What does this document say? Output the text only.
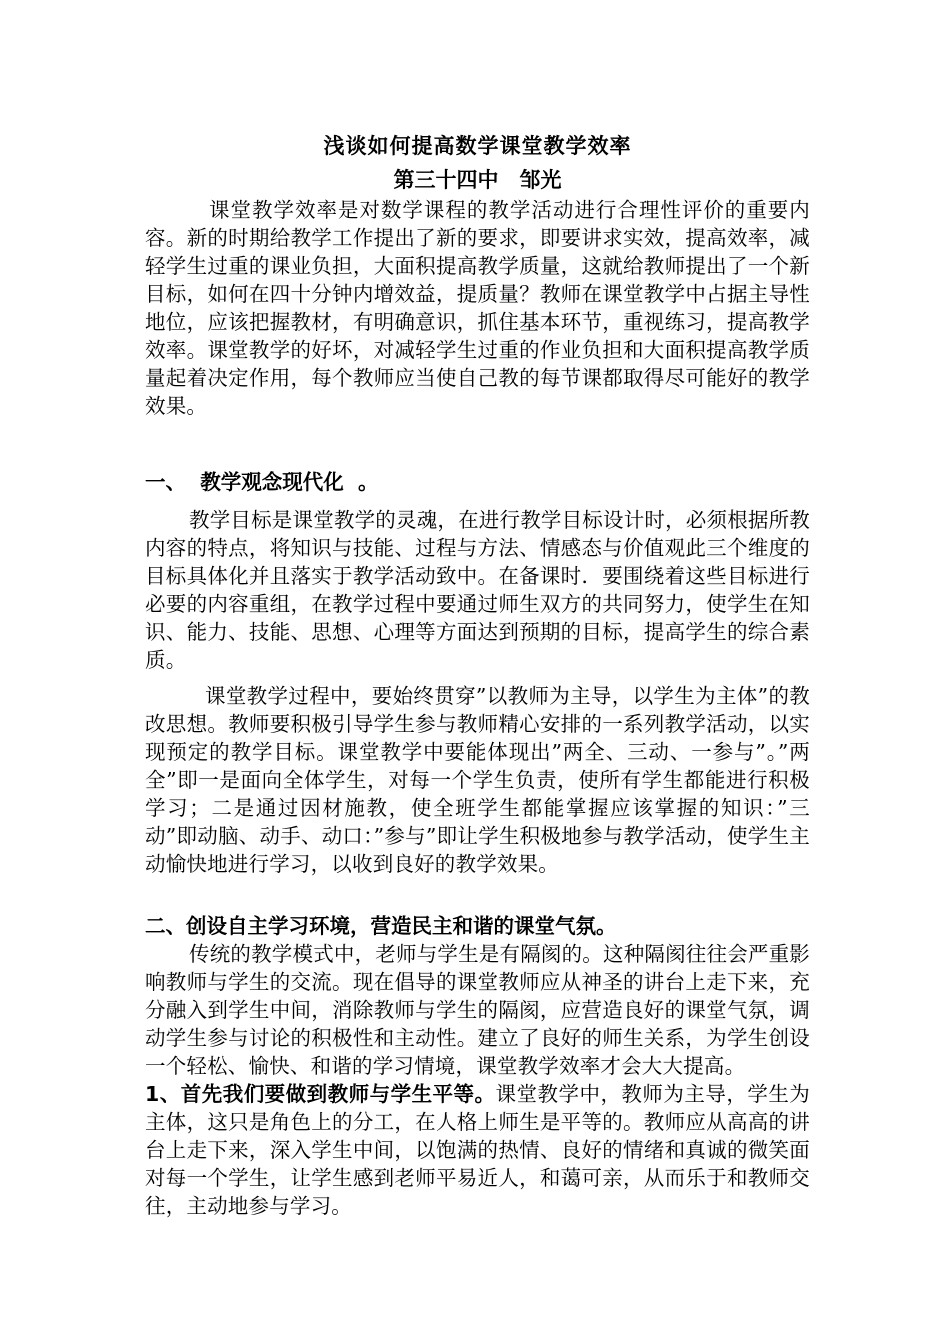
浅谈如何提高数学课堂教学效率
第三十四中　邹光

课堂教学效率是对数学课程的教学活动进行合理性评价的重要内容。新的时期给教学工作提出了新的要求，即要讲求实效，提高效率，减轻学生过重的课业负担，大面积提高教学质量，这就给教师提出了一个新目标，如何在四十分钟内增效益，提质量？教师在课堂教学中占据主导性地位，应该把握教材，有明确意识，抓住基本环节，重视练习，提高教学效率。课堂教学的好坏，对减轻学生过重的作业负担和大面积提高教学质量起着决定作用，每个教师应当使自己教的每节课都取得尽可能好的教学效果。

一、  教学观念现代化  。

教学目标是课堂教学的灵魂，在进行教学目标设计时，必须根据所教内容的特点，将知识与技能、过程与方法、情感态与价值观此三个维度的目标具体化并且落实于教学活动致中。在备课时．要围绕着这些目标进行必要的内容重组，在教学过程中要通过师生双方的共同努力，使学生在知识、能力、技能、思想、心理等方面达到预期的目标，提高学生的综合素质。

课堂教学过程中，要始终贯穿”以教师为主导，以学生为主体”的教改思想。教师要积极引导学生参与教师精心安排的一系列教学活动，以实现预定的教学目标。课堂教学中要能体现出”两全、三动、一参与”。”两全”即一是面向全体学生，对每一个学生负责，使所有学生都能进行积极学习；二是通过因材施教，使全班学生都能掌握应该掌握的知识：”三动”即动脑、动手、动口：”参与”即让学生积极地参与教学活动，使学生主动愉快地进行学习，以收到良好的教学效果。

二、创设自主学习环境，营造民主和谐的课堂气氛。

传统的教学模式中，老师与学生是有隔阂的。这种隔阂往往会严重影响教师与学生的交流。现在倡导的课堂教师应从神圣的讲台上走下来，充分融入到学生中间，消除教师与学生的隔阂，应营造良好的课堂气氛，调动学生参与讨论的积极性和主动性。建立了良好的师生关系，为学生创设一个轻松、愉快、和谐的学习情境，课堂教学效率才会大大提高。

1、首先我们要做到教师与学生平等。课堂教学中，教师为主导，学生为主体，这只是角色上的分工，在人格上师生是平等的。教师应从高高的讲台上走下来，深入学生中间，以饱满的热情、良好的情绪和真诚的微笑面对每一个学生，让学生感到老师平易近人，和蔼可亲，从而乐于和教师交往，主动地参与学习。
